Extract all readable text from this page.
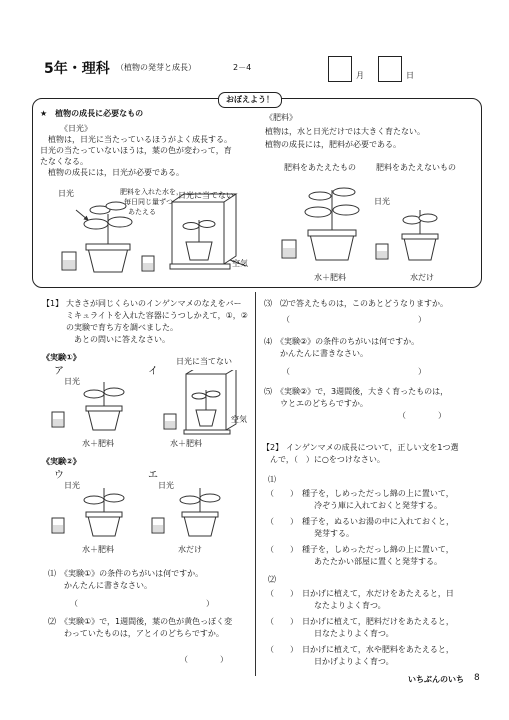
5年・理科 （植物の発芽と成長）	2－4
月	日
おぼえよう！
★　植物の成長に必要なもの
《日光》
　植物は，日光に当たっているほうがよく成長する。
日光の当たっていないほうは，葉の色が変わって，育
たなくなる。
　植物の成長には，日光が必要である。
《肥料》
植物は，水と日光だけでは大きく育たない。
植物の成長には，肥料が必要である。
日光	日光に当てない
肥料を入れた水を，
毎日同じ量ずつ
あたえる
空気
肥料をあたえたもの	肥料をあたえないもの
日光
水＋肥料	水だけ
【1】 大きさが同じくらいのインゲンマメのなえをバー
ミキュライトを入れた容器にうつしかえて，①，②
の実験で育ち方を調べました。
　あとの問いに答えなさい。
《実験①》
ア	イ
日光
日光に当てない
空気
水＋肥料	水＋肥料
《実験②》
ウ	エ
日光	日光
水＋肥料	水だけ
⑴　《実験①》の条件のちがいは何ですか。
　　かんたんに書きなさい。
（　　　　　　　　　　　　　　　　）
⑵　《実験①》で，1週間後，葉の色が黄色っぽく変
　　わっていたものは，アとイのどちらですか。
（　　　　）
⑶　⑵で答えたものは，このあとどうなりますか。
（　　　　　　　　　　　　　　　　）
⑷　《実験②》の条件のちがいは何ですか。
　　かんたんに書きなさい。
（　　　　　　　　　　　　　　　　）
⑸　《実験②》で，3週間後，大きく育ったものは，
　　ウとエのどちらですか。
（　　　　）
【2】 インゲンマメの成長について，正しい文を1つ選
んで，（　）に○をつけなさい。
⑴
（　　）　種子を，しめっただっし綿の上に置いて，
　　　　　　冷ぞう庫に入れておくと発芽する。
（　　）　種子を，ぬるいお湯の中に入れておくと，
　　　　　　発芽する。
（　　）　種子を，しめっただっし綿の上に置いて，
　　　　　　あたたかい部屋に置くと発芽する。
⑵
（　　）　日かげに植えて，水だけをあたえると，日
　　　　　　なたよりよく育つ。
（　　）　日かげに植えて，肥料だけをあたえると，
　　　　　　日なたよりよく育つ。
（　　）　日かげに植えて，水や肥料をあたえると，
　　　　　　日かげよりよく育つ。
いちぶんのいち 8
